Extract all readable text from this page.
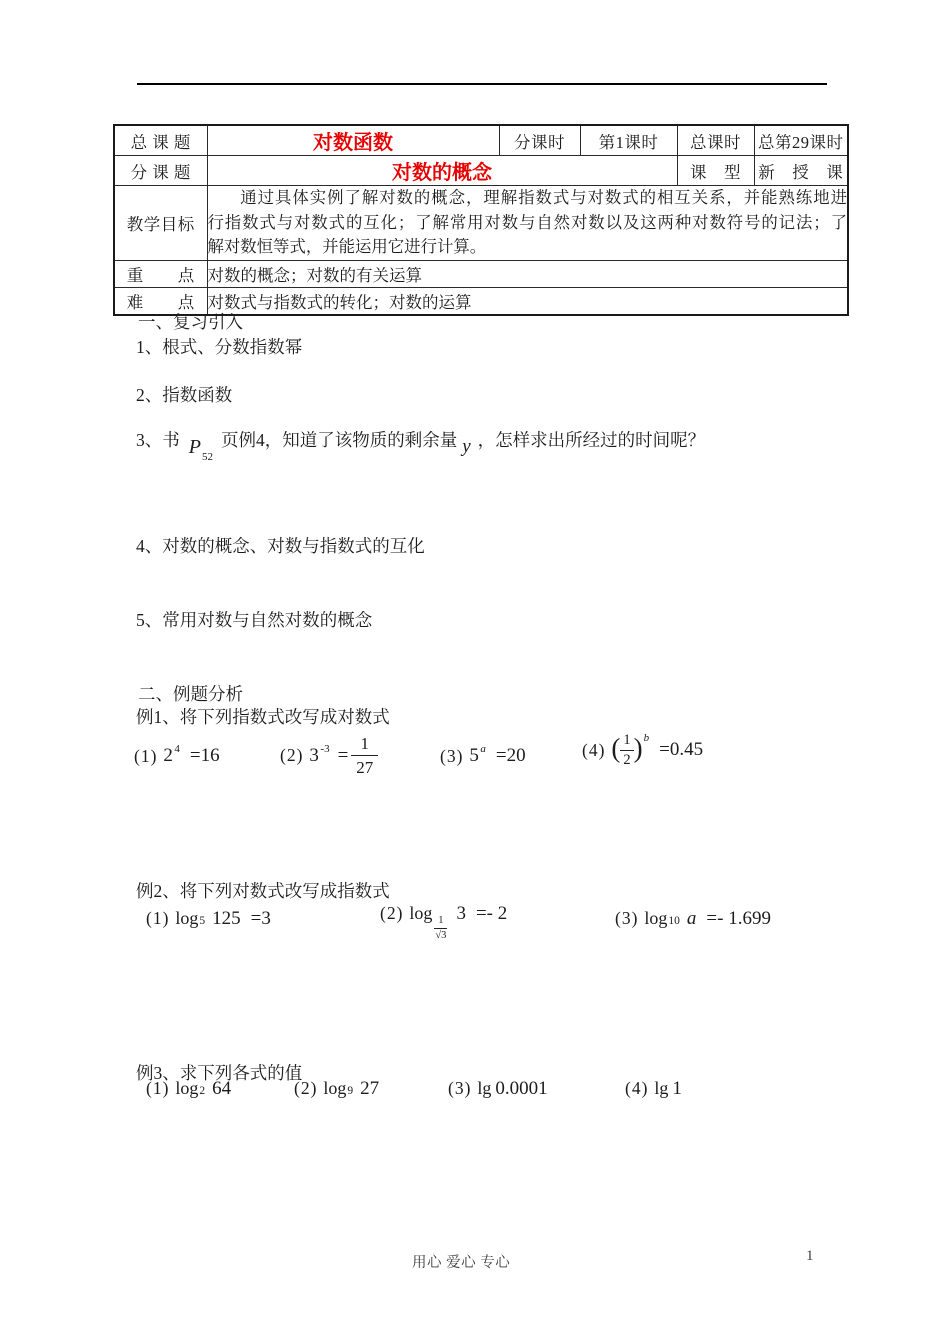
总 课 题	对数函数	分课时	第1课时	总课时	总第29课时
分 课 题	对数的概念			课　型	新　授　课
教学目标	通过具体实例了解对数的概念，理解指数式与对数式的相互关系，并能熟练地进
行指数式与对数式的互化；了解常用对数与自然对数以及这两种对数符号的记法；了
解对数恒等式，并能运用它进行计算。				

重　　点	对数的概念；对数的有关运算				
难　　点	对数式与指数式的转化；对数的运算				
一、复习引入
1、根式、分数指数幂
2、指数函数
3、书 $P_{52}$
页例4，知道了该物质的剩余量 y ，怎样求出所经过的时间呢？
4、对数的概念、对数与指数式的互化
5、常用对数与自然对数的概念
二、例题分析
例1、将下列指数式改写成对数式
(1) 2 4 =16	(2) 3 $-3 = \frac{1}{27}$	(3) 5 a =20	(4) ( $\frac{1}{2}$ ) b
=0.45
例2、将下列对数式改写成指数式
(1) log 5 125 =3	(2) log
$\frac{1}{√3}$
3 =- 2	(3) log 10 a =- 1.699
例3、求下列各式的值
(1) log 2 64	(2) log 9 27	(3) lg 0.0001	(4) lg 1
用心 爱心 专心	1
